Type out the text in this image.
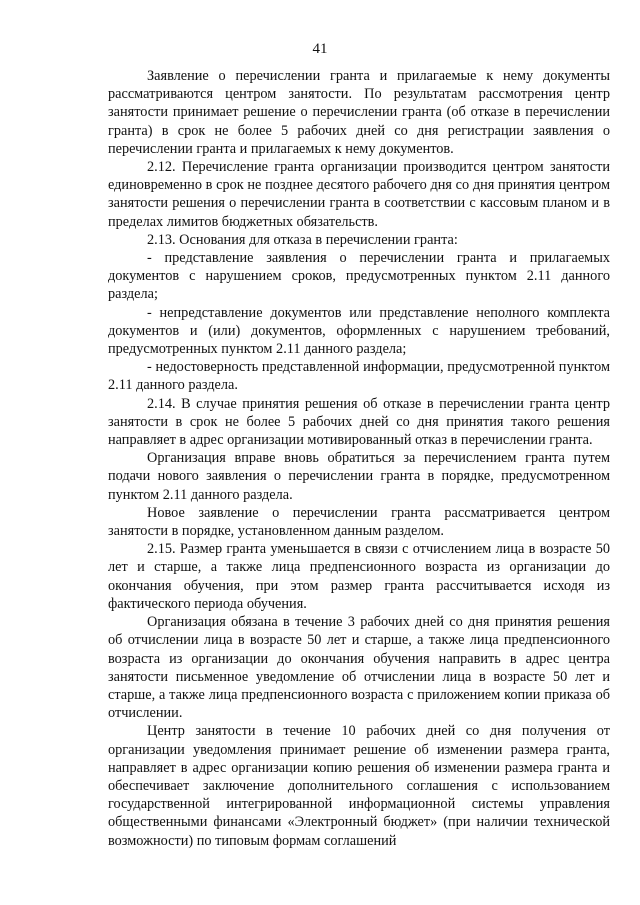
41

Заявление о перечислении гранта и прилагаемые к нему документы рассматриваются центром занятости. По результатам рассмотрения центр занятости принимает решение о перечислении гранта (об отказе в перечислении гранта) в срок не более 5 рабочих дней со дня регистрации заявления о перечислении гранта и прилагаемых к нему документов.

2.12. Перечисление гранта организации производится центром занятости единовременно в срок не позднее десятого рабочего дня со дня принятия центром занятости решения о перечислении гранта в соответствии с кассовым планом и в пределах лимитов бюджетных обязательств.

2.13. Основания для отказа в перечислении гранта:

- представление заявления о перечислении гранта и прилагаемых документов с нарушением сроков, предусмотренных пунктом 2.11 данного раздела;

- непредставление документов или представление неполного комплекта документов и (или) документов, оформленных с нарушением требований, предусмотренных пунктом 2.11 данного раздела;

- недостоверность представленной информации, предусмотренной пунктом 2.11 данного раздела.

2.14. В случае принятия решения об отказе в перечислении гранта центр занятости в срок не более 5 рабочих дней со дня принятия такого решения направляет в адрес организации мотивированный отказ в перечислении гранта.

Организация вправе вновь обратиться за перечислением гранта путем подачи нового заявления о перечислении гранта в порядке, предусмотренном пунктом 2.11 данного раздела.

Новое заявление о перечислении гранта рассматривается центром занятости в порядке, установленном данным разделом.

2.15. Размер гранта уменьшается в связи с отчислением лица в возрасте 50 лет и старше, а также лица предпенсионного возраста из организации до окончания обучения, при этом размер гранта рассчитывается исходя из фактического периода обучения.

Организация обязана в течение 3 рабочих дней со дня принятия решения об отчислении лица в возрасте 50 лет и старше, а также лица предпенсионного возраста из организации до окончания обучения направить в адрес центра занятости письменное уведомление об отчислении лица в возрасте 50 лет и старше, а также лица предпенсионного возраста с приложением копии приказа об отчислении.

Центр занятости в течение 10 рабочих дней со дня получения от организации уведомления принимает решение об изменении размера гранта, направляет в адрес организации копию решения об изменении размера гранта и обеспечивает заключение дополнительного соглашения с использованием государственной интегрированной информационной системы управления общественными финансами «Электронный бюджет» (при наличии технической возможности) по типовым формам соглашений
